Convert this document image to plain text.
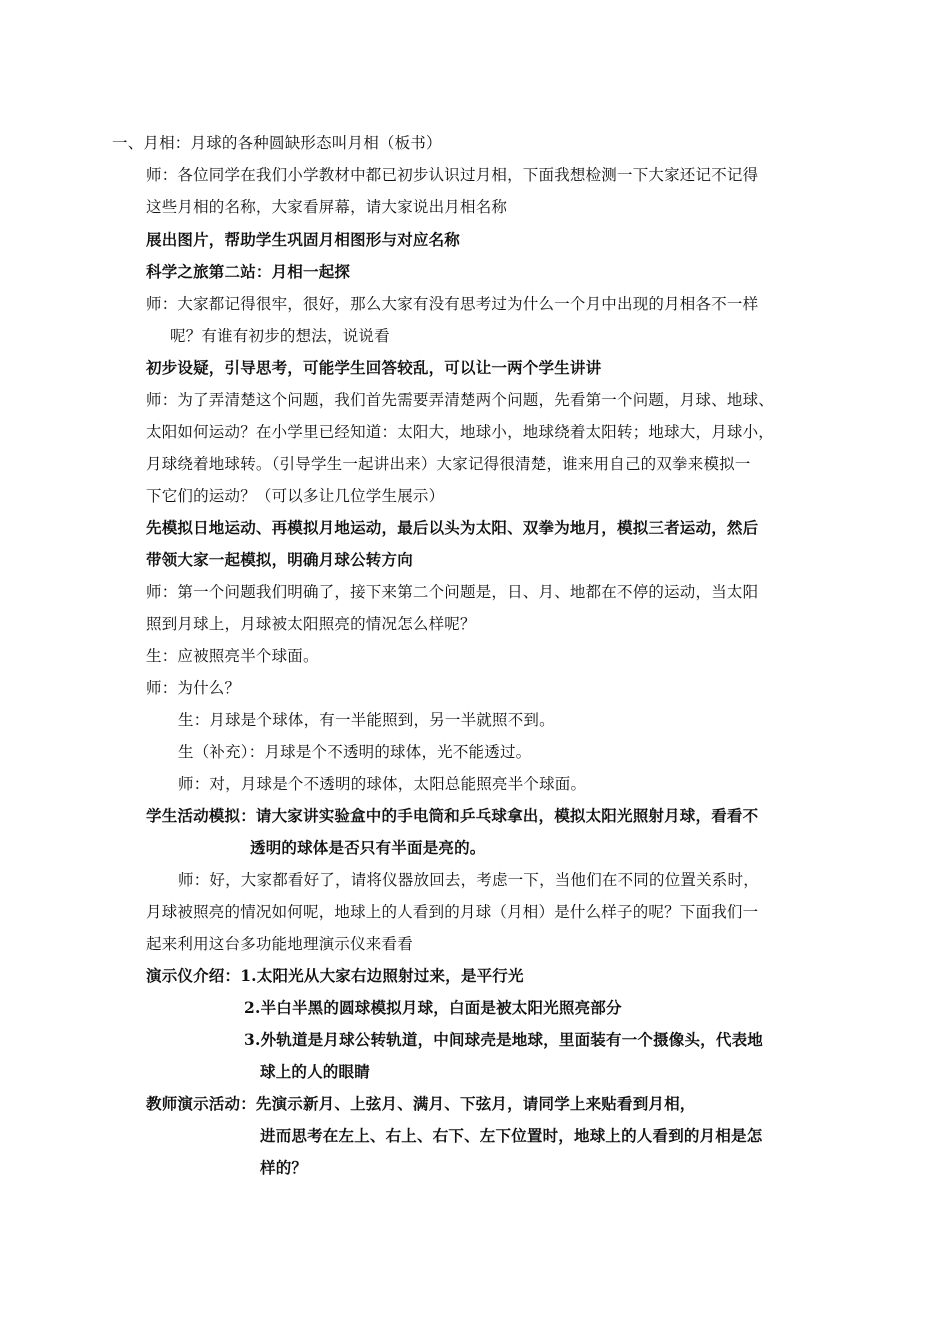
一、月相：月球的各种圆缺形态叫月相（板书）
师：各位同学在我们小学教材中都已初步认识过月相，下面我想检测一下大家还记不记得
这些月相的名称，大家看屏幕，请大家说出月相名称
展出图片，帮助学生巩固月相图形与对应名称
科学之旅第二站：月相一起探
师：大家都记得很牢，很好，那么大家有没有思考过为什么一个月中出现的月相各不一样
呢？有谁有初步的想法，说说看
初步设疑，引导思考，可能学生回答较乱，可以让一两个学生讲讲
师：为了弄清楚这个问题，我们首先需要弄清楚两个问题，先看第一个问题，月球、地球、
太阳如何运动？在小学里已经知道：太阳大，地球小，地球绕着太阳转；地球大，月球小，
月球绕着地球转。（引导学生一起讲出来）大家记得很清楚，谁来用自己的双拳来模拟一
下它们的运动？（可以多让几位学生展示）
先模拟日地运动、再模拟月地运动，最后以头为太阳、双拳为地月，模拟三者运动，然后
带领大家一起模拟，明确月球公转方向
师：第一个问题我们明确了，接下来第二个问题是，日、月、地都在不停的运动，当太阳
照到月球上，月球被太阳照亮的情况怎么样呢？
生：应被照亮半个球面。
师：为什么？
生：月球是个球体，有一半能照到，另一半就照不到。
生（补充）：月球是个不透明的球体，光不能透过。
师：对，月球是个不透明的球体，太阳总能照亮半个球面。
学生活动模拟：请大家讲实验盒中的手电筒和乒乓球拿出，模拟太阳光照射月球，看看不
透明的球体是否只有半面是亮的。
师：好，大家都看好了，请将仪器放回去，考虑一下，当他们在不同的位置关系时，
月球被照亮的情况如何呢，地球上的人看到的月球（月相）是什么样子的呢？下面我们一
起来利用这台多功能地理演示仪来看看
演示仪介绍：1.太阳光从大家右边照射过来，是平行光
2.半白半黑的圆球模拟月球，白面是被太阳光照亮部分
3.外轨道是月球公转轨道，中间球壳是地球，里面装有一个摄像头，代表地
球上的人的眼睛
教师演示活动：先演示新月、上弦月、满月、下弦月，请同学上来贴看到月相，
进而思考在左上、右上、右下、左下位置时，地球上的人看到的月相是怎
样的？
